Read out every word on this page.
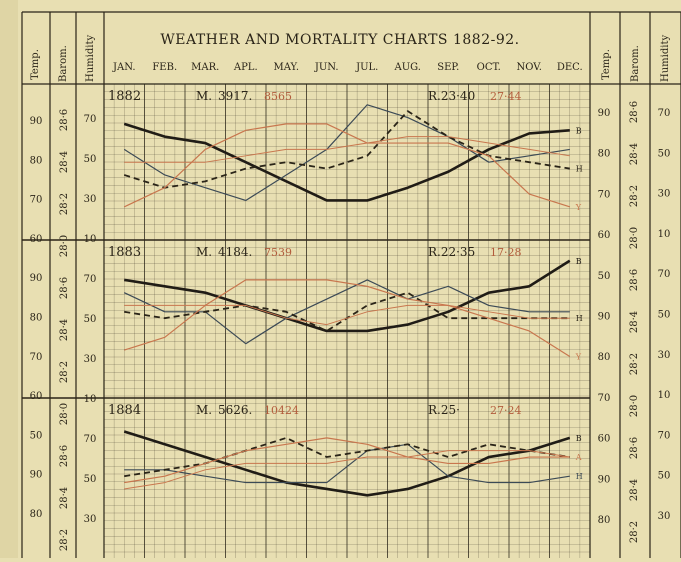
WEATHER AND MORTALITY CHARTS 1882-92.
JAN. FEB. MAR. APL. MAY. JUN. JUL. AUG. SEP. OCT. NOV. DEC.
Temp. Barom. Humidity	Temp. Barom. Humidity
90
80
70
60
90
80
70
60
50
90
80
28·6
28·4
28·2
28·0
28·6
28·4
28·2
28·0
28·6
28·4
28·2
70
50
30
10
70
50
30
10
70
50
30
90
80
70
60
50
90
80
70
60
90
80
28·6
28·4
28·2
28·0
28·6
28·4
28·2
28·0
28·6
28·4
28·2
70
50
30
10
70
50
30
10
70
50
30
B
H
Y
1882	M. 3917. 8565	R.23·40 27·44
B
H
Y
1883	M. 4184. 7539	R.22·35 17·28
B
H
A
1884	M. 5626. 10424	R.25·	27·24
